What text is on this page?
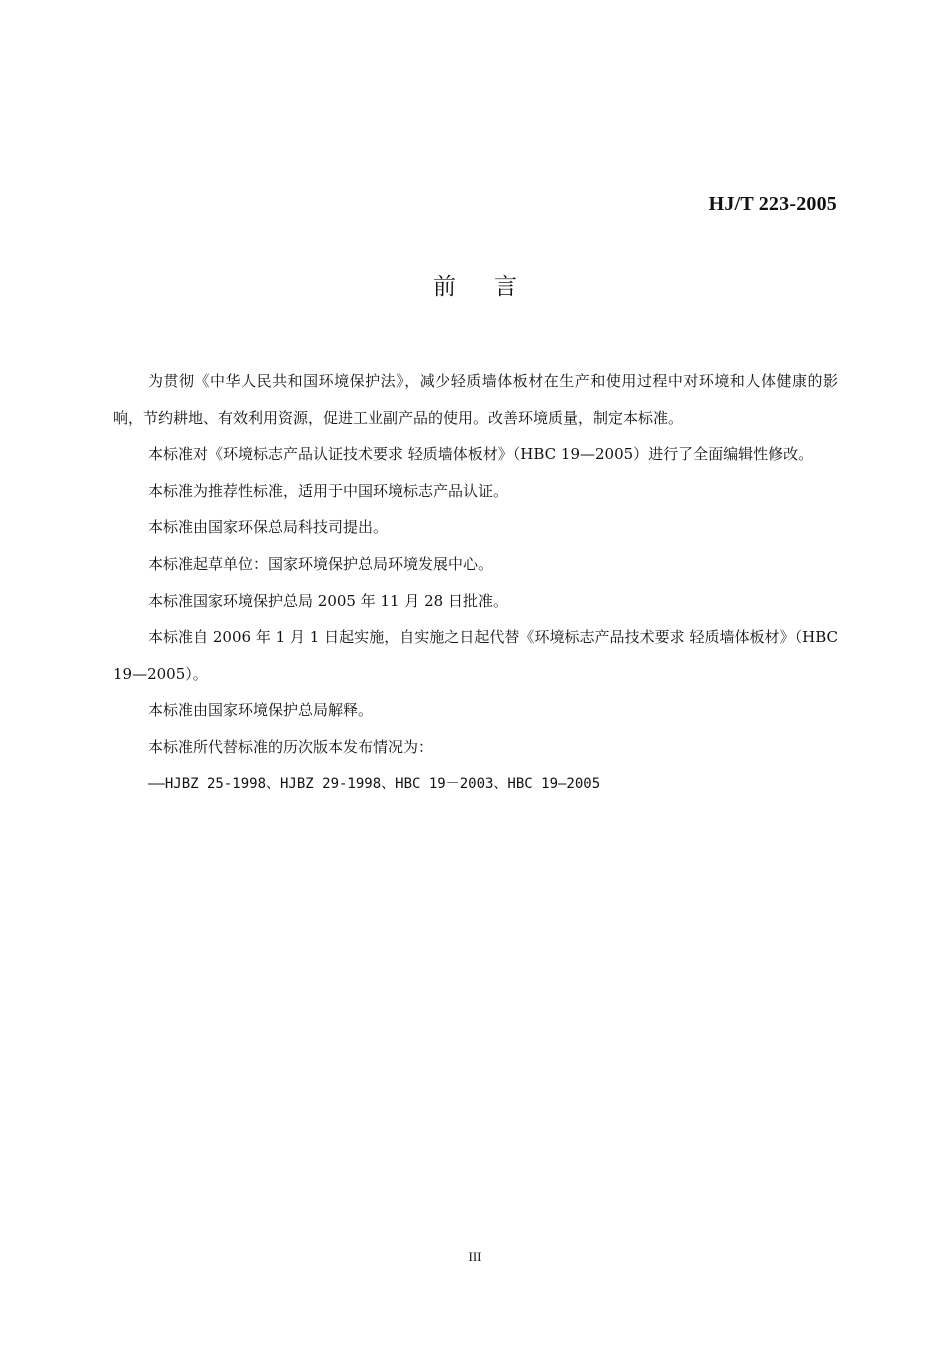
HJ/T 223-2005
前言

为贯彻《中华人民共和国环境保护法》，减少轻质墙体板材在生产和使用过程中对环境和人体健康的影响，节约耕地、有效利用资源，促进工业副产品的使用。改善环境质量，制定本标准。

本标准对《环境标志产品认证技术要求 轻质墙体板材》（HBC 19—2005）进行了全面编辑性修改。

本标准为推荐性标准，适用于中国环境标志产品认证。

本标准由国家环保总局科技司提出。

本标准起草单位：国家环境保护总局环境发展中心。

本标准国家环境保护总局 2005 年 11 月 28 日批准。

本标准自 2006 年 1 月 1 日起实施，自实施之日起代替《环境标志产品技术要求 轻质墙体板材》（HBC 19—2005）。

本标准由国家环境保护总局解释。

本标准所代替标准的历次版本发布情况为：

——HJBZ 25-1998、HJBZ 29-1998、HBC 19－2003、HBC 19—2005

III
